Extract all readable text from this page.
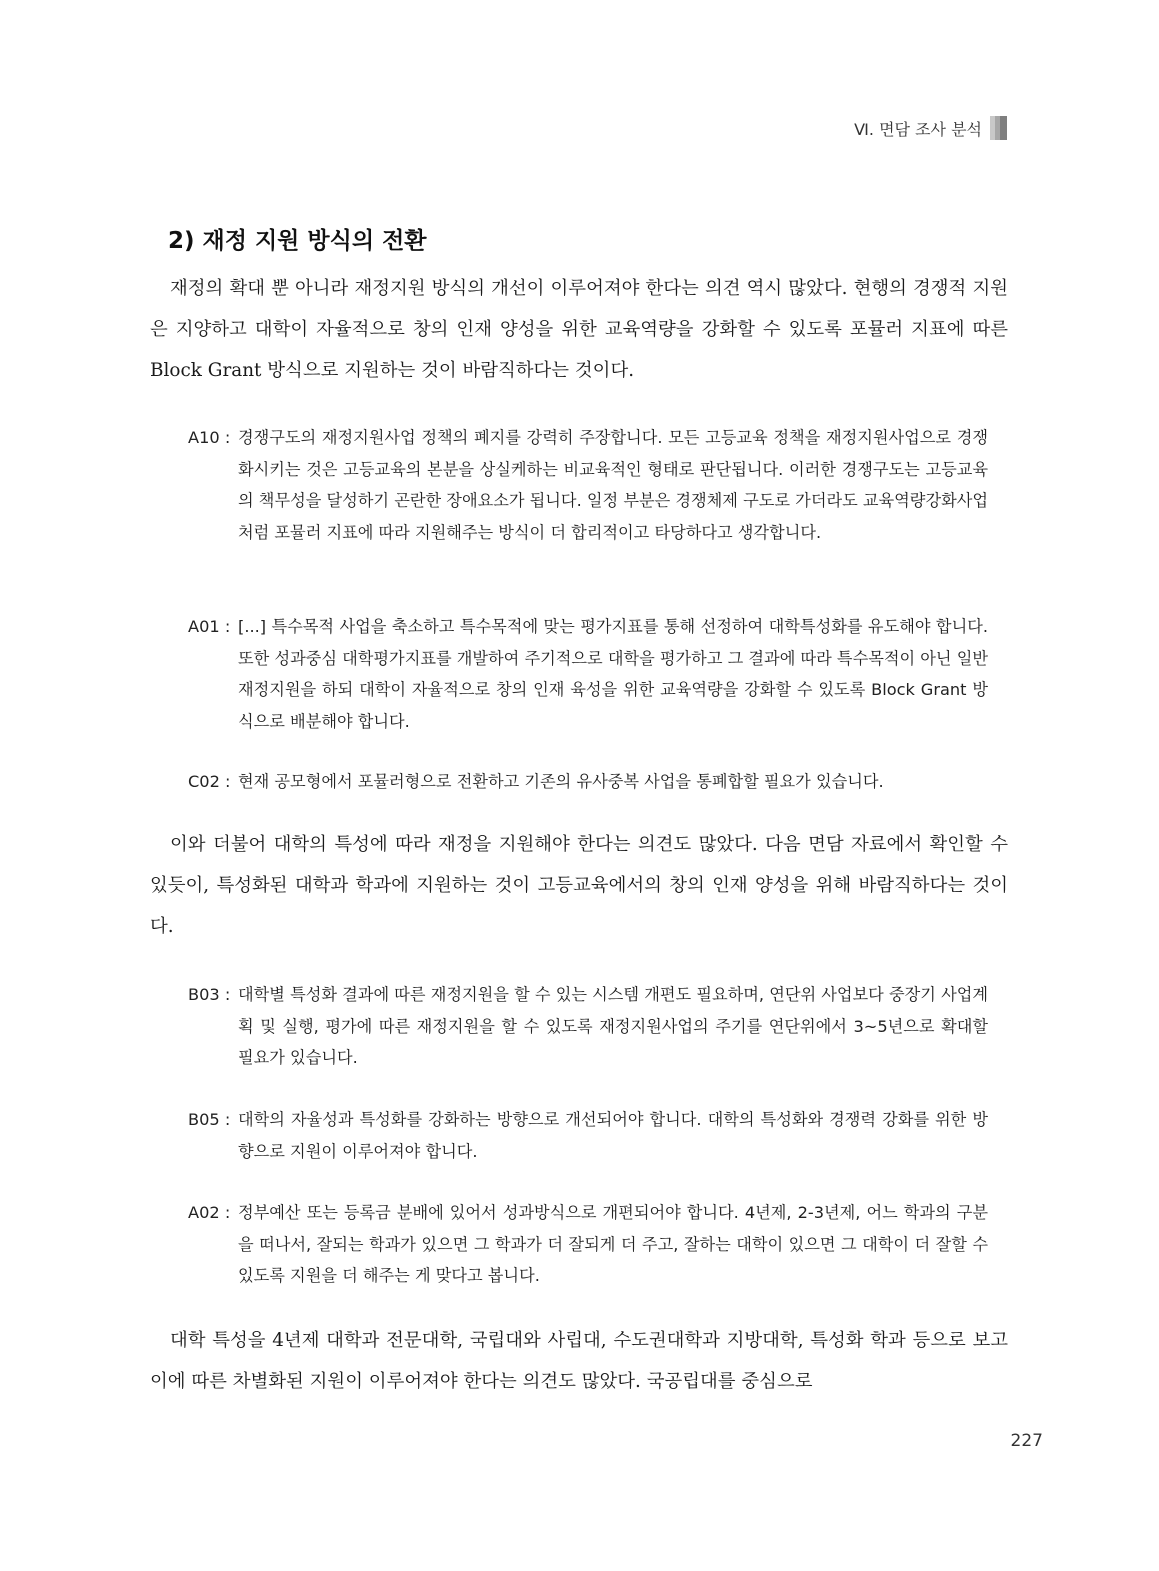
Ⅵ. 면담 조사 분석
2) 재정 지원 방식의 전환

재정의 확대 뿐 아니라 재정지원 방식의 개선이 이루어져야 한다는 의견 역시 많았다. 현행의 경쟁적 지원은 지양하고 대학이 자율적으로 창의 인재 양성을 위한 교육역량을 강화할 수 있도록 포뮬러 지표에 따른 Block Grant 방식으로 지원하는 것이 바람직하다는 것이다.

A10 : 경쟁구도의 재정지원사업 정책의 폐지를 강력히 주장합니다. 모든 고등교육 정책을 재정지원사업으로 경쟁화시키는 것은 고등교육의 본분을 상실케하는 비교육적인 형태로 판단됩니다. 이러한 경쟁구도는 고등교육의 책무성을 달성하기 곤란한 장애요소가 됩니다. 일정 부분은 경쟁체제 구도로 가더라도 교육역량강화사업처럼 포뮬러 지표에 따라 지원해주는 방식이 더 합리적이고 타당하다고 생각합니다.
A01 : [...] 특수목적 사업을 축소하고 특수목적에 맞는 평가지표를 통해 선정하여 대학특성화를 유도해야 합니다. 또한 성과중심 대학평가지표를 개발하여 주기적으로 대학을 평가하고 그 결과에 따라 특수목적이 아닌 일반재정지원을 하되 대학이 자율적으로 창의 인재 육성을 위한 교육역량을 강화할 수 있도록 Block Grant 방식으로 배분해야 합니다.
C02 : 현재 공모형에서 포뮬러형으로 전환하고 기존의 유사중복 사업을 통폐합할 필요가 있습니다.

이와 더불어 대학의 특성에 따라 재정을 지원해야 한다는 의견도 많았다. 다음 면담 자료에서 확인할 수 있듯이, 특성화된 대학과 학과에 지원하는 것이 고등교육에서의 창의 인재 양성을 위해 바람직하다는 것이다.

B03 : 대학별 특성화 결과에 따른 재정지원을 할 수 있는 시스템 개편도 필요하며, 연단위 사업보다 중장기 사업계획 및 실행, 평가에 따른 재정지원을 할 수 있도록 재정지원사업의 주기를 연단위에서 3~5년으로 확대할 필요가 있습니다.
B05 : 대학의 자율성과 특성화를 강화하는 방향으로 개선되어야 합니다. 대학의 특성화와 경쟁력 강화를 위한 방향으로 지원이 이루어져야 합니다.
A02 : 정부예산 또는 등록금 분배에 있어서 성과방식으로 개편되어야 합니다. 4년제, 2-3년제, 어느 학과의 구분을 떠나서, 잘되는 학과가 있으면 그 학과가 더 잘되게 더 주고, 잘하는 대학이 있으면 그 대학이 더 잘할 수 있도록 지원을 더 해주는 게 맞다고 봅니다.

대학 특성을 4년제 대학과 전문대학, 국립대와 사립대, 수도권대학과 지방대학, 특성화 학과 등으로 보고 이에 따른 차별화된 지원이 이루어져야 한다는 의견도 많았다. 국공립대를 중심으로

227
